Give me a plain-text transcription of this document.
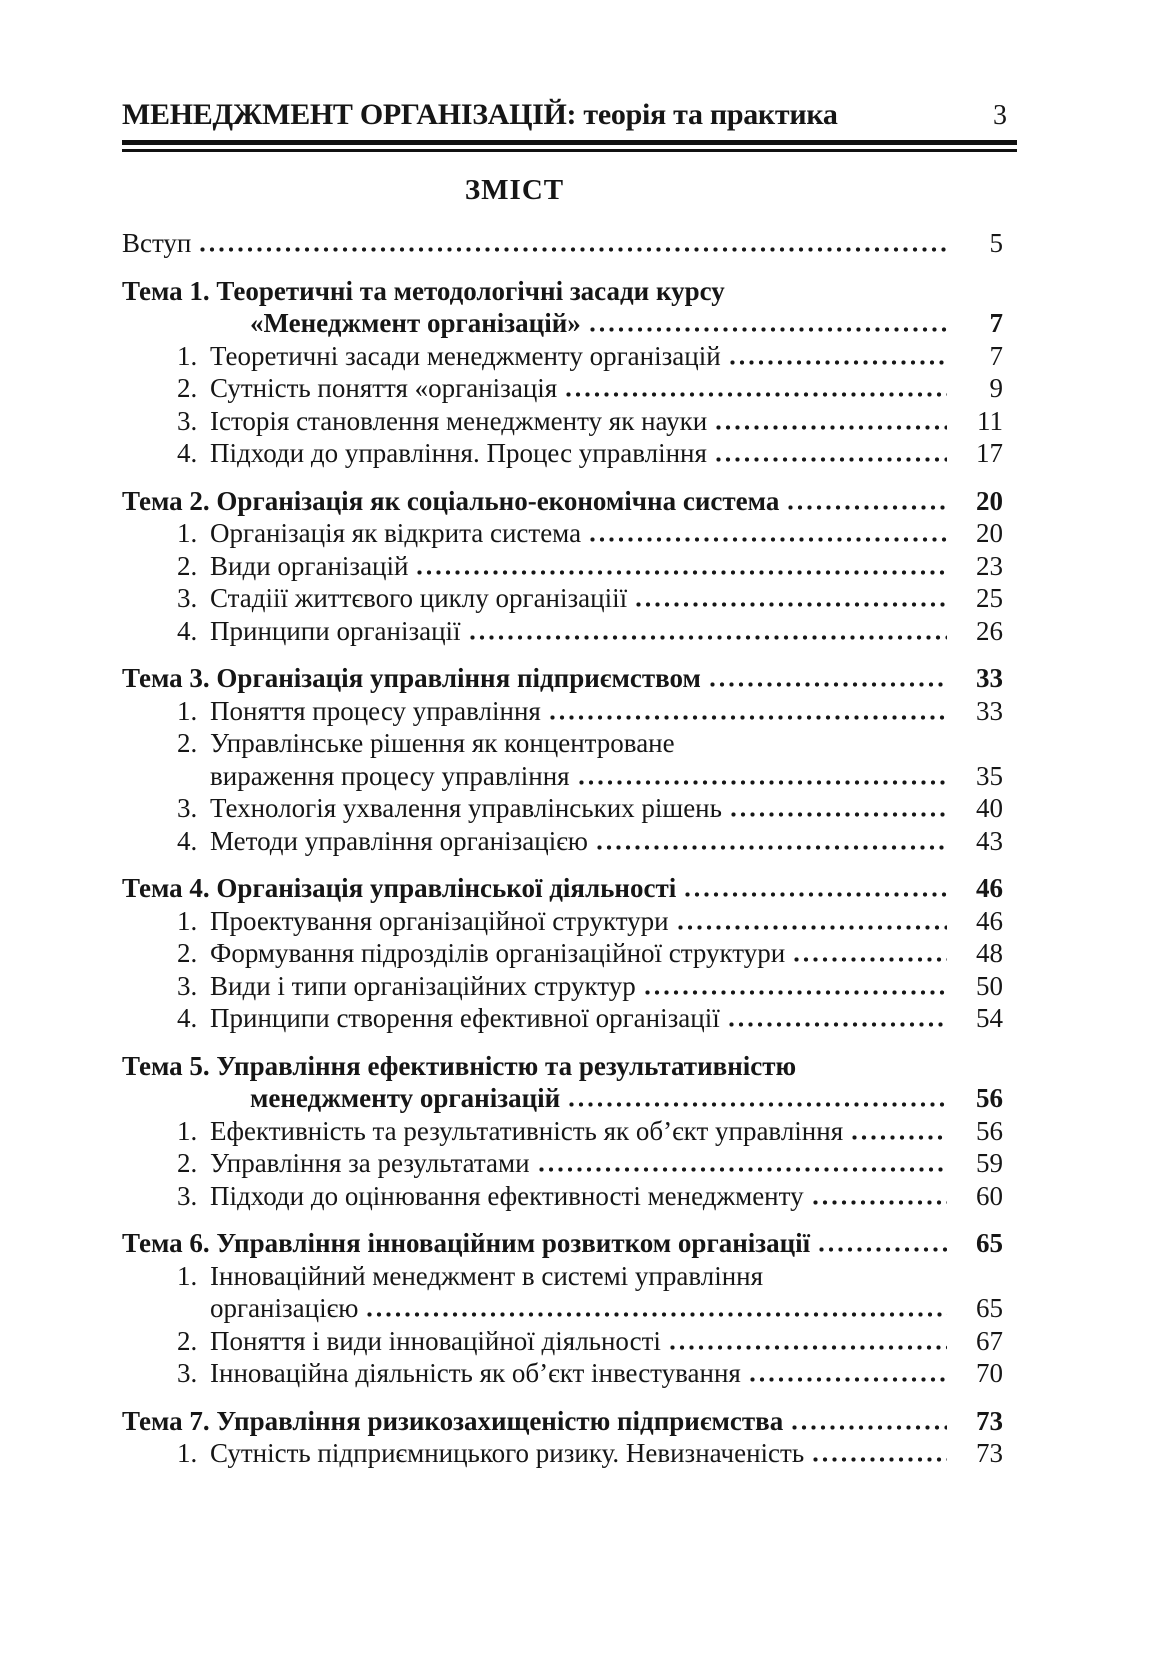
МЕНЕДЖМЕНТ ОРГАНІЗАЦІЙ: теорія та практика	3
ЗМІСТ
Вступ	5
Тема 1. Теоретичні та методологічні засади курсу
«Менеджмент організацій»	7
1. Теоретичні засади менеджменту організацій	7
2. Сутність поняття «організація	9
3. Історія становлення менеджменту як науки	11
4. Підходи до управління. Процес управління	17
Тема 2. Організація як соціально-економічна система	20
1. Організація як відкрита система	20
2. Види організацій	23
3. Стадіії життєвого циклу організаціії	25
4. Принципи організації	26
Тема 3. Організація управління підприємством	33
1. Поняття процесу управління	33
2. Управлінське рішення як концентроване
вираження процесу управління	35
3. Технологія ухвалення управлінських рішень	40
4. Методи управління організацією	43
Тема 4. Організація управлінської діяльності	46
1. Проектування організаційної структури	46
2. Формування підрозділів організаційної структури	48
3. Види і типи організаційних структур	50
4. Принципи створення ефективної організації	54
Тема 5. Управління ефективністю та результативністю
менеджменту організацій	56
1. Ефективність та результативність як об’єкт управління	56
2. Управління за результатами	59
3. Підходи до оцінювання ефективності менеджменту	60
Тема 6. Управління інноваційним розвитком організації	65
1. Інноваційний менеджмент в системі управління
організацією	65
2. Поняття і види інноваційної діяльності	67
3. Інноваційна діяльність як об’єкт інвестування	70
Тема 7. Управління ризикозахищеністю підприємства	73
1. Сутність підприємницького ризику. Невизначеність	73
